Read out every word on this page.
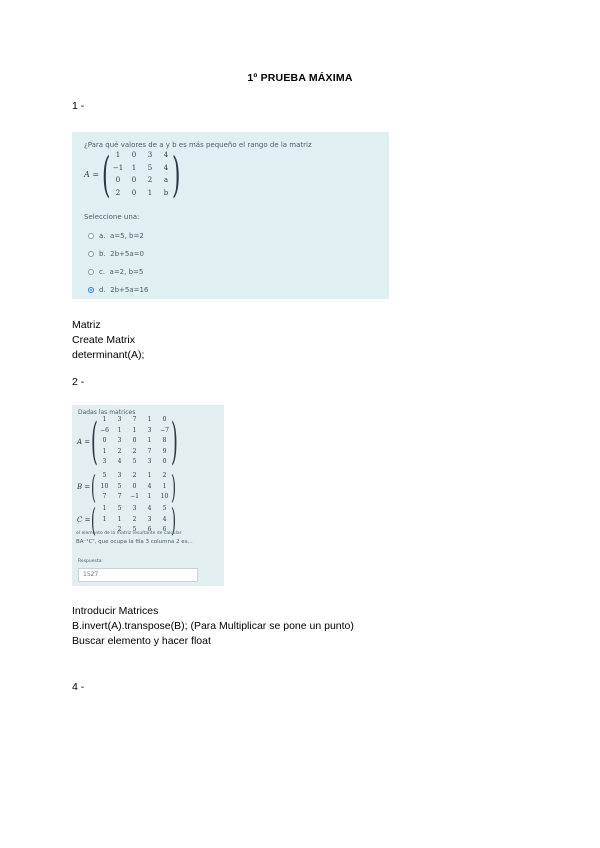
1º PRUEBA MÁXIMA
1 -
¿Para qué valores de a y b es más pequeño el rango de la matriz
A = ( 1	0	3	4
−1	1	5	4
0	0	2	a
2	0	1	b )
Seleccione una:
a.
a=5, b=2
b.
2b+5a=0
c.
a=2, b=5
d.
2b+5a=16
Matriz
Create Matrix
determinant(A);
2 -
Dadas las matrices
A = ( 1	3	7	1	0
−6	1	1	3	−7
0	3	0	1	8
1	2	2	7	9
3	4	5	3	0 )
B = (	5	3	2	1	2
10	5	0	4	1
7	7	−1	1	10 )
C = (	1	5	3	4	5
1	1	2	3	4
2	5	6	6 )
el elemento de la matriz resultante de calcular
BA⁻¹Cᵀ, que ocupa la fila 3 columna 2 es...
Respuesta:
1527
Introducir Matrices
B.invert(A).transpose(B); (Para Multiplicar se pone un punto)
Buscar elemento y hacer float
4 -
